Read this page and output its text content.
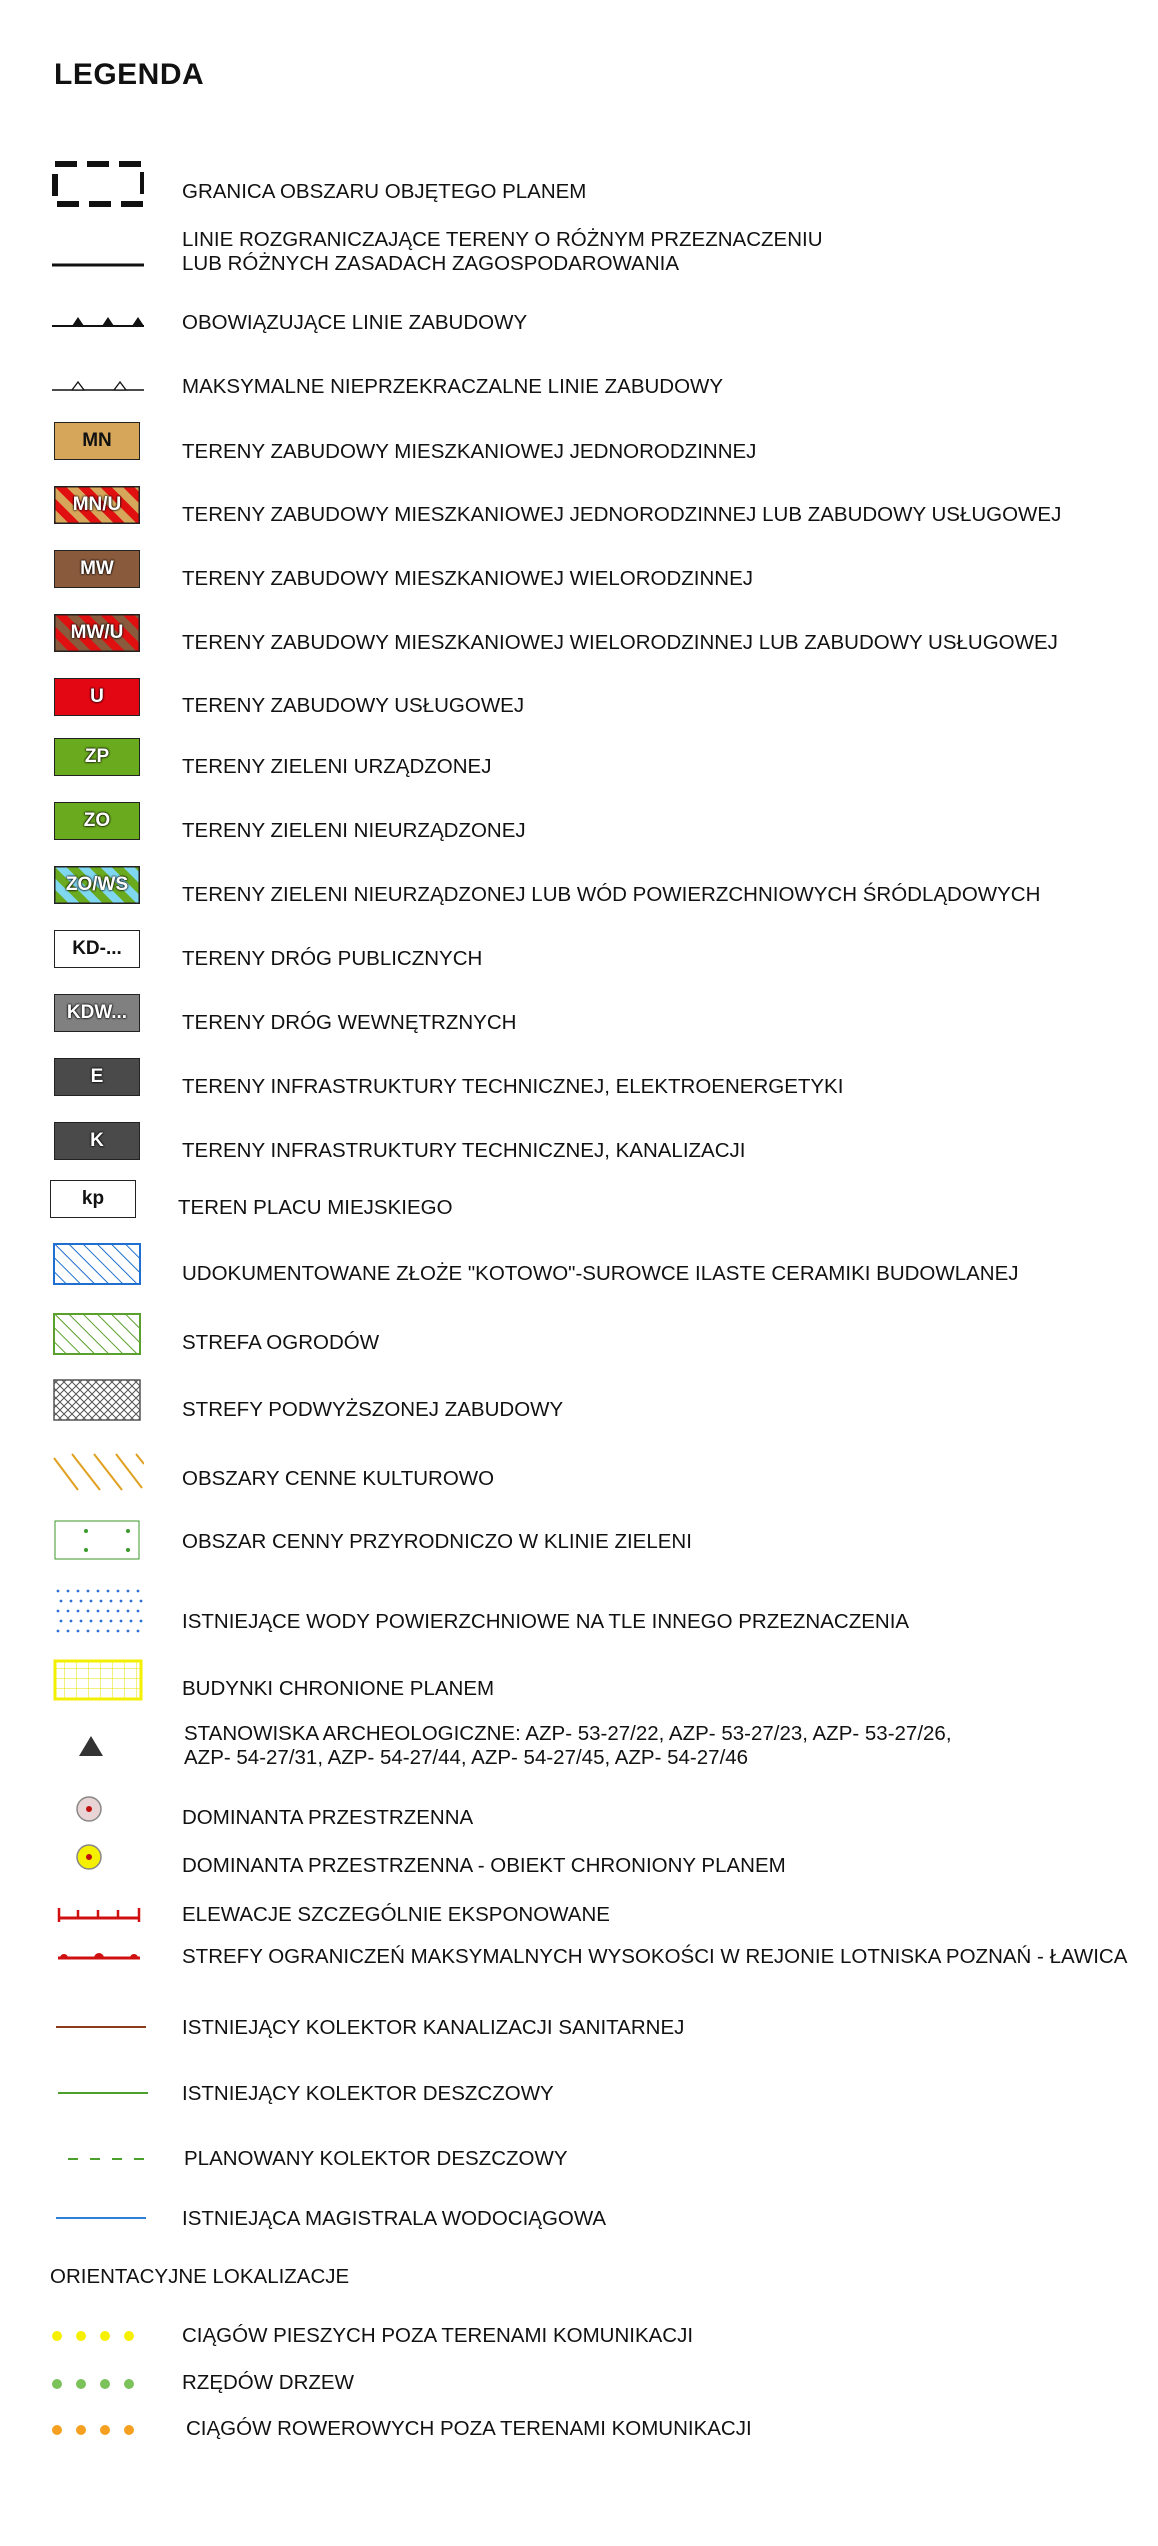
LEGENDA
GRANICA OBSZARU OBJĘTEGO PLANEM
LINIE ROZGRANICZAJĄCE TERENY O RÓŻNYM PRZEZNACZENIU
LUB RÓŻNYCH ZASADACH ZAGOSPODAROWANIA
OBOWIĄZUJĄCE LINIE ZABUDOWY
MAKSYMALNE NIEPRZEKRACZALNE LINIE ZABUDOWY
MN	TERENY ZABUDOWY MIESZKANIOWEJ JEDNORODZINNEJ
MN/U	TERENY ZABUDOWY MIESZKANIOWEJ JEDNORODZINNEJ LUB ZABUDOWY USŁUGOWEJ
MW	TERENY ZABUDOWY MIESZKANIOWEJ WIELORODZINNEJ
MW/U	TERENY ZABUDOWY MIESZKANIOWEJ WIELORODZINNEJ LUB ZABUDOWY USŁUGOWEJ
U	TERENY ZABUDOWY USŁUGOWEJ
ZP	TERENY ZIELENI URZĄDZONEJ
ZO	TERENY ZIELENI NIEURZĄDZONEJ
ZO/WS	TERENY ZIELENI NIEURZĄDZONEJ LUB WÓD POWIERZCHNIOWYCH ŚRÓDLĄDOWYCH
KD-...	TERENY DRÓG PUBLICZNYCH
KDW...	TERENY DRÓG WEWNĘTRZNYCH
E	TERENY INFRASTRUKTURY TECHNICZNEJ, ELEKTROENERGETYKI
K	TERENY INFRASTRUKTURY TECHNICZNEJ, KANALIZACJI
kp	TEREN PLACU MIEJSKIEGO
UDOKUMENTOWANE ZŁOŻE "KOTOWO"-SUROWCE ILASTE CERAMIKI BUDOWLANEJ
STREFA OGRODÓW
STREFY PODWYŻSZONEJ ZABUDOWY
OBSZARY CENNE KULTUROWO
OBSZAR CENNY PRZYRODNICZO W KLINIE ZIELENI
ISTNIEJĄCE WODY POWIERZCHNIOWE NA TLE INNEGO PRZEZNACZENIA
BUDYNKI CHRONIONE PLANEM
STANOWISKA ARCHEOLOGICZNE: AZP- 53-27/22, AZP- 53-27/23, AZP- 53-27/26,
AZP- 54-27/31, AZP- 54-27/44, AZP- 54-27/45, AZP- 54-27/46
DOMINANTA PRZESTRZENNA
DOMINANTA PRZESTRZENNA - OBIEKT CHRONIONY PLANEM
ELEWACJE SZCZEGÓLNIE EKSPONOWANE
STREFY OGRANICZEŃ MAKSYMALNYCH WYSOKOŚCI W REJONIE LOTNISKA POZNAŃ - ŁAWICA
ISTNIEJĄCY KOLEKTOR KANALIZACJI SANITARNEJ
ISTNIEJĄCY KOLEKTOR DESZCZOWY
PLANOWANY KOLEKTOR DESZCZOWY
ISTNIEJĄCA MAGISTRALA WODOCIĄGOWA
ORIENTACYJNE LOKALIZACJE
CIĄGÓW PIESZYCH POZA TERENAMI KOMUNIKACJI
RZĘDÓW DRZEW
CIĄGÓW ROWEROWYCH POZA TERENAMI KOMUNIKACJI
